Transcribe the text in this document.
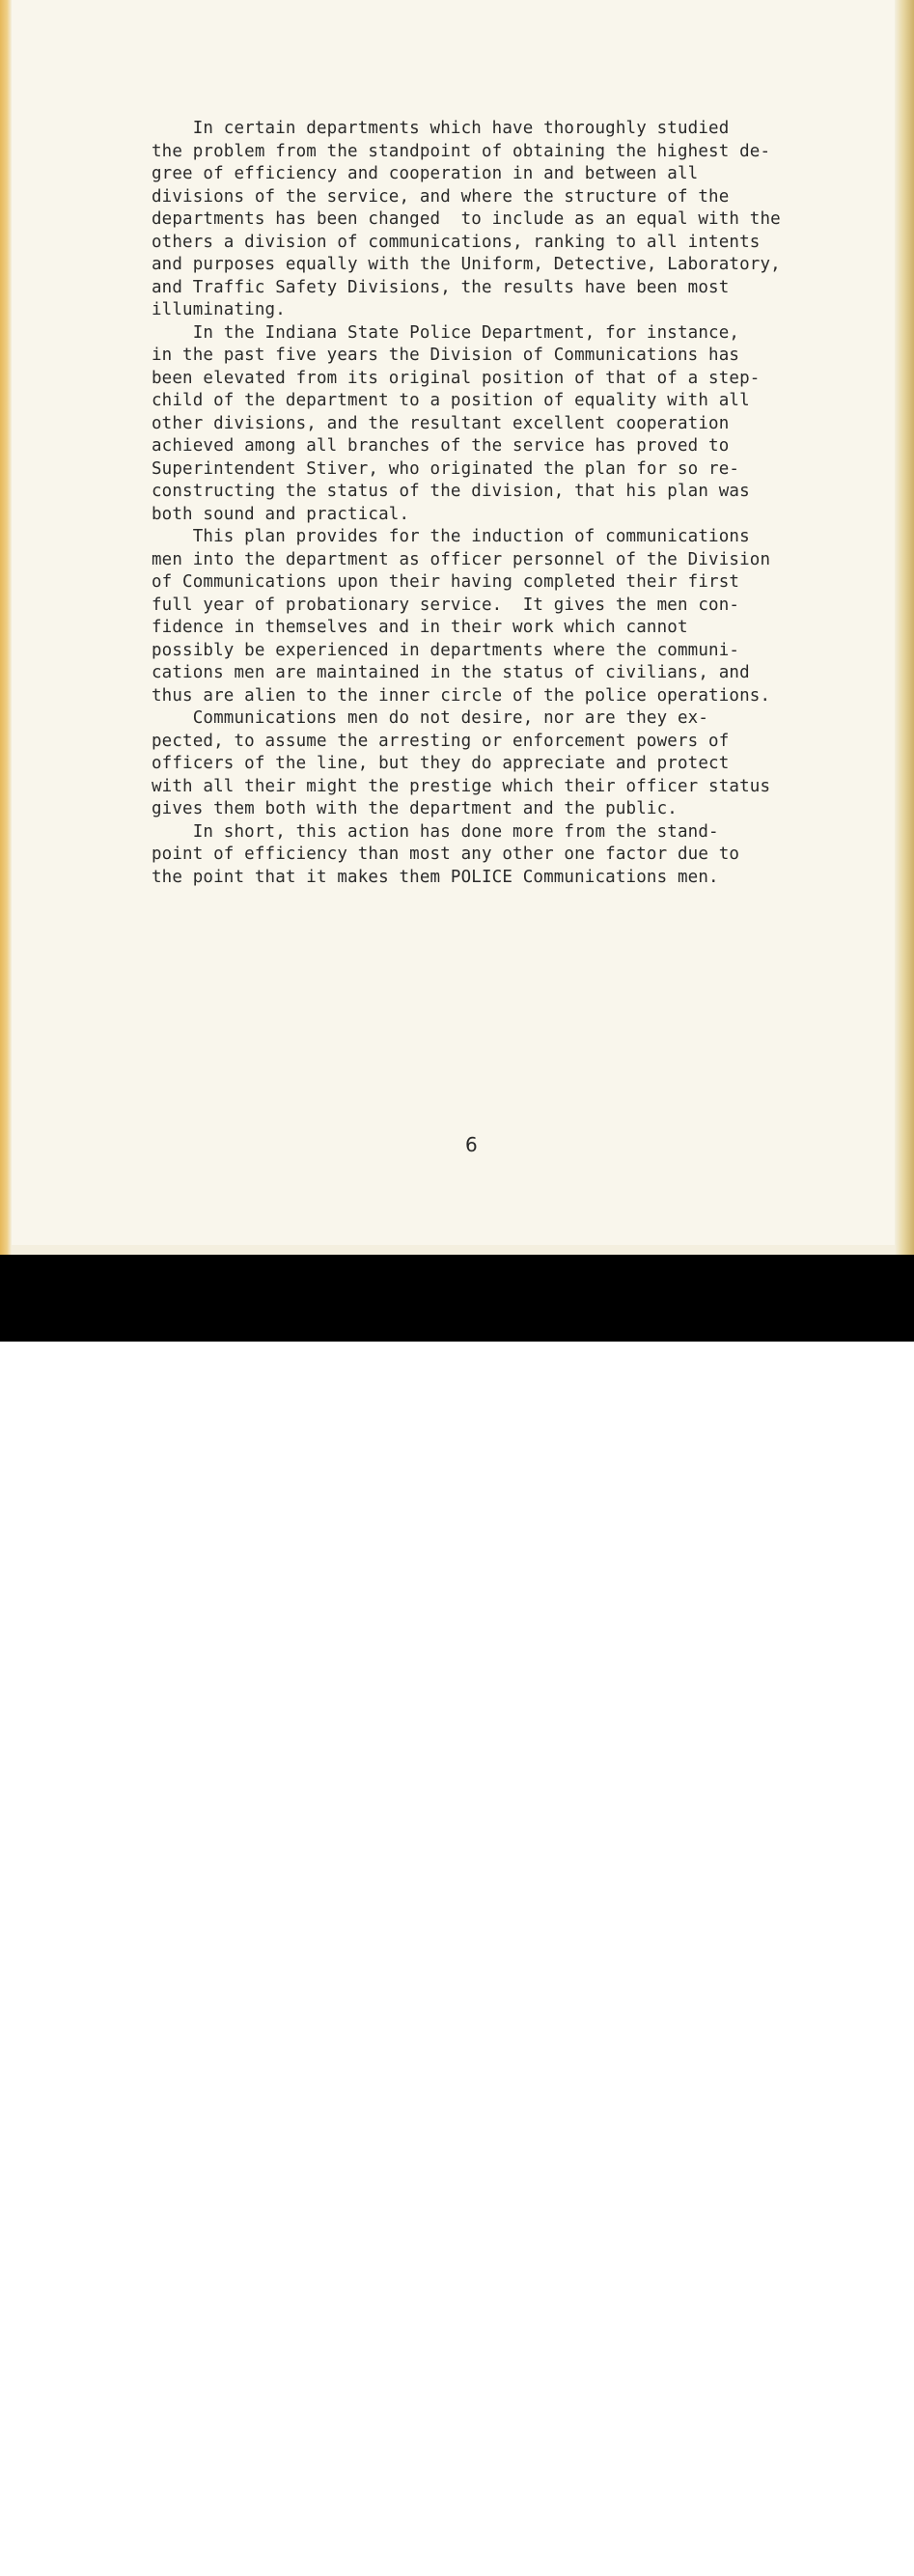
In certain departments which have thoroughly studied
the problem from the standpoint of obtaining the highest de-
gree of efficiency and cooperation in and between all
divisions of the service, and where the structure of the
departments has been changed  to include as an equal with the
others a division of communications, ranking to all intents
and purposes equally with the Uniform, Detective, Laboratory,
and Traffic Safety Divisions, the results have been most
illuminating.
In the Indiana State Police Department, for instance,
in the past five years the Division of Communications has
been elevated from its original position of that of a step-
child of the department to a position of equality with all
other divisions, and the resultant excellent cooperation
achieved among all branches of the service has proved to
Superintendent Stiver, who originated the plan for so re-
constructing the status of the division, that his plan was
both sound and practical.
This plan provides for the induction of communications
men into the department as officer personnel of the Division
of Communications upon their having completed their first
full year of probationary service.  It gives the men con-
fidence in themselves and in their work which cannot
possibly be experienced in departments where the communi-
cations men are maintained in the status of civilians, and
thus are alien to the inner circle of the police operations.
Communications men do not desire, nor are they ex-
pected, to assume the arresting or enforcement powers of
officers of the line, but they do appreciate and protect
with all their might the prestige which their officer status
gives them both with the department and the public.
In short, this action has done more from the stand-
point of efficiency than most any other one factor due to
the point that it makes them POLICE Communications men.
6
alamy	Image ID: 3BFYX1G
www.alamy.com
